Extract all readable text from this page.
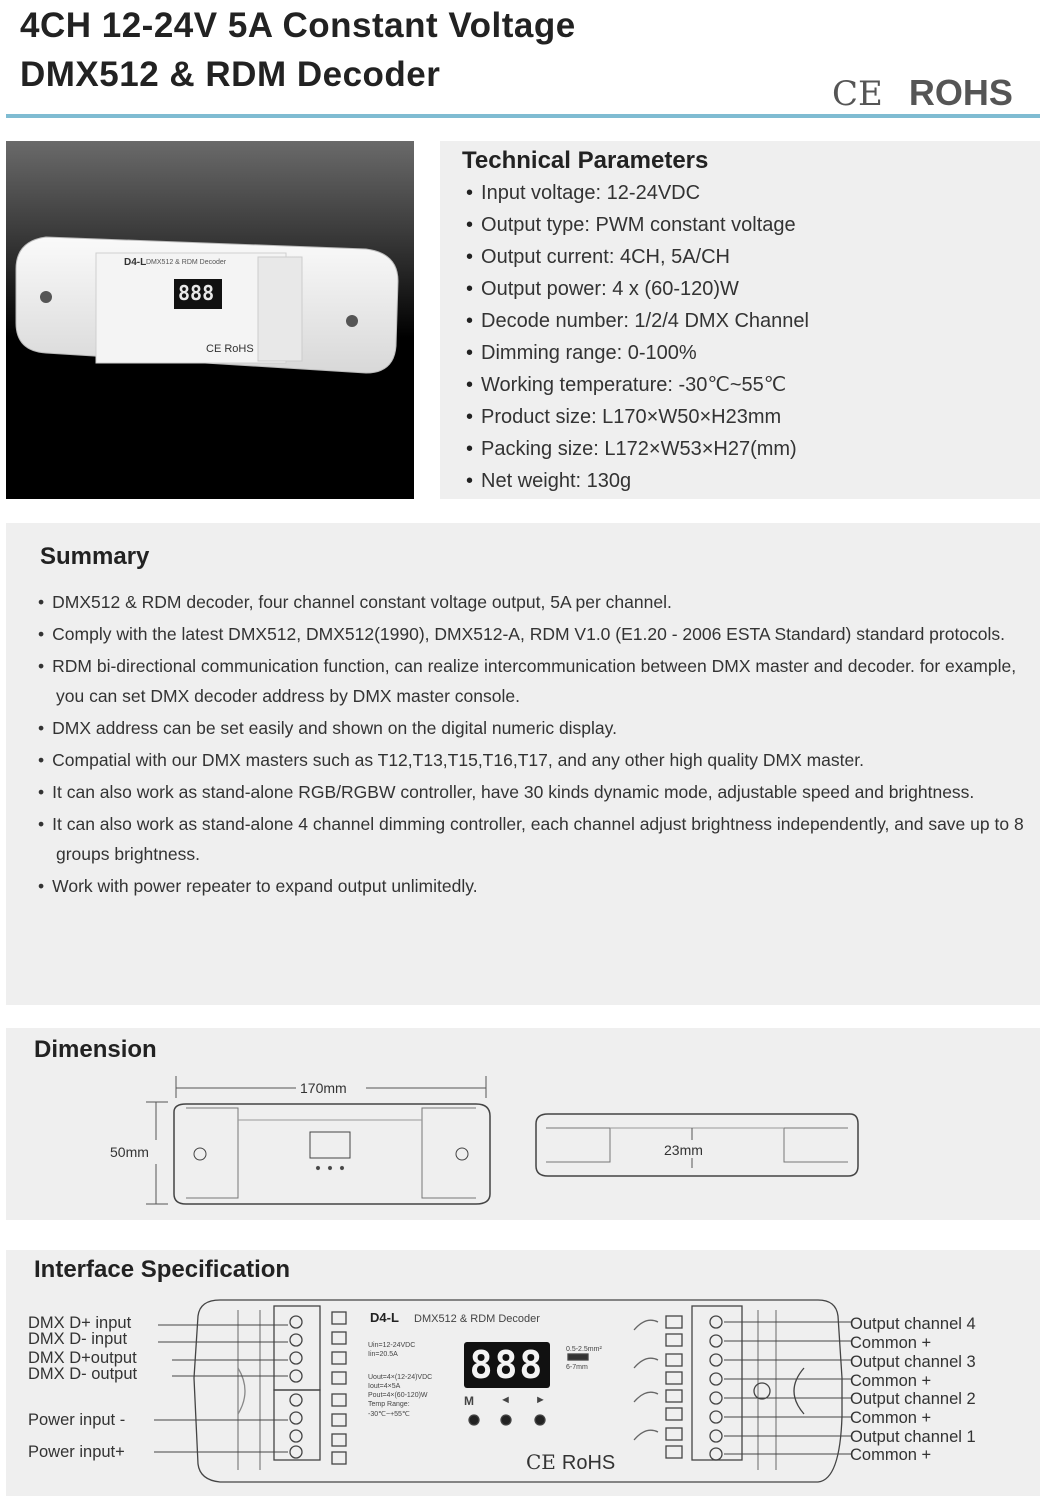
4CH 12-24V 5A Constant Voltage
DMX512 & RDM Decoder	CE ROHS
D4-L DMX512 & RDM Decoder
888
CE RoHS
Technical Parameters
• Input voltage: 12-24VDC
• Output type: PWM constant voltage
• Output current: 4CH, 5A/CH
• Output power: 4 x (60-120)W
• Decode number: 1/2/4 DMX Channel
• Dimming range: 0-100%
• Working temperature: -30℃~55℃
• Product size: L170×W50×H23mm
• Packing size: L172×W53×H27(mm)
• Net weight: 130g
Summary
• DMX512 & RDM decoder, four channel constant voltage output, 5A per channel.
• Comply with the latest DMX512, DMX512(1990), DMX512-A, RDM V1.0 (E1.20 - 2006 ESTA Standard) standard protocols.
• RDM bi-directional communication function, can realize intercommunication between DMX master and decoder. for example, you can set DMX decoder address by DMX master console.
• DMX address can be set easily and shown on the digital numeric display.
• Compatial with our DMX masters such as T12,T13,T15,T16,T17, and any other high quality DMX master.
• It can also work as stand-alone RGB/RGBW controller, have 30 kinds dynamic mode, adjustable speed and brightness.
• It can also work as stand-alone 4 channel dimming controller, each channel adjust brightness independently, and save up to 8 groups brightness.
• Work with power repeater to expand output unlimitedly.
Dimension
170mm
50mm	23mm
Interface Specification
DMX D+ input
DMX D- input
DMX D+output
DMX D- output
Power input -
Power input+
Output channel 4
Common +
Output channel 3
Common +
Output channel 2
Common +
Output channel 1
Common +
D4-L DMX512 & RDM Decoder
Uin=12-24VDC
Iin=20.5A
Uout=4×(12-24)VDC
Iout=4×5A
Pout=4×(60-120)W
Temp Range:
-30℃~+55℃
0.5-2.5mm²
6-7mm
888
M ◄ ►
CE RoHS
